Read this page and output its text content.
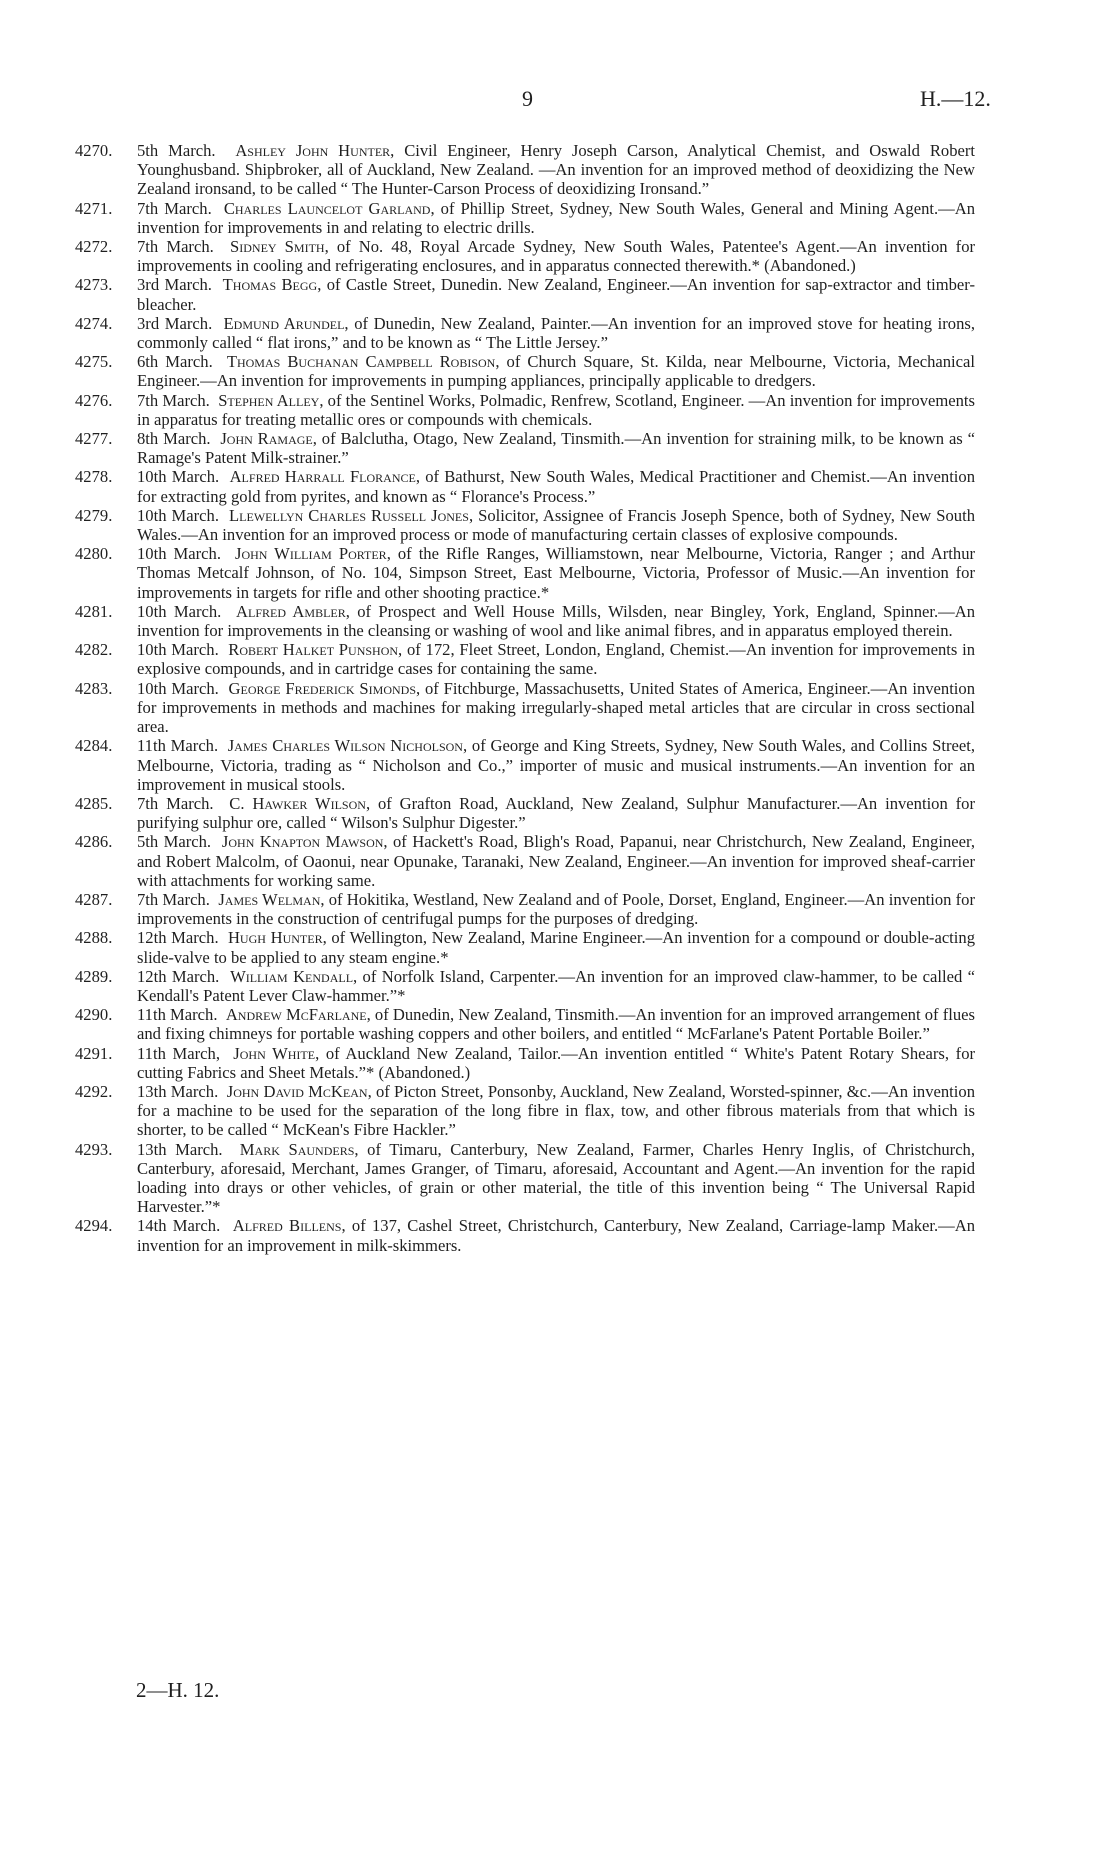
9	H.—12.
4270.	5th March. Ashley John Hunter, Civil Engineer, Henry Joseph Carson, Analytical Chemist, and Oswald Robert Younghusband. Shipbroker, all of Auckland, New Zealand. —An invention for an improved method of deoxidizing the New Zealand ironsand, to be called “ The Hunter-Carson Process of deoxidizing Ironsand.”
4271.	7th March. Charles Launcelot Garland, of Phillip Street, Sydney, New South Wales, General and Mining Agent.—An invention for improvements in and relating to electric drills.
4272.	7th March. Sidney Smith, of No. 48, Royal Arcade Sydney, New South Wales, Patentee's Agent.—An invention for improvements in cooling and refrigerating enclosures, and in apparatus connected therewith.* (Abandoned.)
4273.	3rd March. Thomas Begg, of Castle Street, Dunedin. New Zealand, Engineer.—An invention for sap-extractor and timber-bleacher.
4274.	3rd March. Edmund Arundel, of Dunedin, New Zealand, Painter.—An invention for an improved stove for heating irons, commonly called “ flat irons,” and to be known as “ The Little Jersey.”
4275.	6th March. Thomas Buchanan Campbell Robison, of Church Square, St. Kilda, near Melbourne, Victoria, Mechanical Engineer.—An invention for improvements in pumping appliances, principally applicable to dredgers.
4276.	7th March. Stephen Alley, of the Sentinel Works, Polmadic, Renfrew, Scotland, Engineer. —An invention for improvements in apparatus for treating metallic ores or compounds with chemicals.
4277.	8th March. John Ramage, of Balclutha, Otago, New Zealand, Tinsmith.—An invention for straining milk, to be known as “ Ramage's Patent Milk-strainer.”
4278.	10th March. Alfred Harrall Florance, of Bathurst, New South Wales, Medical Practitioner and Chemist.—An invention for extracting gold from pyrites, and known as “ Florance's Process.”
4279.	10th March. Llewellyn Charles Russell Jones, Solicitor, Assignee of Francis Joseph Spence, both of Sydney, New South Wales.—An invention for an improved process or mode of manufacturing certain classes of explosive compounds.
4280.	10th March. John William Porter, of the Rifle Ranges, Williamstown, near Melbourne, Victoria, Ranger ; and Arthur Thomas Metcalf Johnson, of No. 104, Simpson Street, East Melbourne, Victoria, Professor of Music.—An invention for improvements in targets for rifle and other shooting practice.*
4281.	10th March. Alfred Ambler, of Prospect and Well House Mills, Wilsden, near Bingley, York, England, Spinner.—An invention for improvements in the cleansing or washing of wool and like animal fibres, and in apparatus employed therein.
4282.	10th March. Robert Halket Punshon, of 172, Fleet Street, London, England, Chemist.—An invention for improvements in explosive compounds, and in cartridge cases for containing the same.
4283.	10th March. George Frederick Simonds, of Fitchburge, Massachusetts, United States of America, Engineer.—An invention for improvements in methods and machines for making irregularly-shaped metal articles that are circular in cross sectional area.
4284.	11th March. James Charles Wilson Nicholson, of George and King Streets, Sydney, New South Wales, and Collins Street, Melbourne, Victoria, trading as “ Nicholson and Co.,” importer of music and musical instruments.—An invention for an improvement in musical stools.
4285.	7th March. C. Hawker Wilson, of Grafton Road, Auckland, New Zealand, Sulphur Manufacturer.—An invention for purifying sulphur ore, called “ Wilson's Sulphur Digester.”
4286.	5th March. John Knapton Mawson, of Hackett's Road, Bligh's Road, Papanui, near Christchurch, New Zealand, Engineer, and Robert Malcolm, of Oaonui, near Opunake, Taranaki, New Zealand, Engineer.—An invention for improved sheaf-carrier with attachments for working same.
4287.	7th March. James Welman, of Hokitika, Westland, New Zealand and of Poole, Dorset, England, Engineer.—An invention for improvements in the construction of centrifugal pumps for the purposes of dredging.
4288.	12th March. Hugh Hunter, of Wellington, New Zealand, Marine Engineer.—An invention for a compound or double-acting slide-valve to be applied to any steam engine.*
4289.	12th March. William Kendall, of Norfolk Island, Carpenter.—An invention for an improved claw-hammer, to be called “ Kendall's Patent Lever Claw-hammer.”*
4290.	11th March. Andrew McFarlane, of Dunedin, New Zealand, Tinsmith.—An invention for an improved arrangement of flues and fixing chimneys for portable washing coppers and other boilers, and entitled “ McFarlane's Patent Portable Boiler.”
4291.	11th March, John White, of Auckland New Zealand, Tailor.—An invention entitled “ White's Patent Rotary Shears, for cutting Fabrics and Sheet Metals.”* (Abandoned.)
4292.	13th March. John David McKean, of Picton Street, Ponsonby, Auckland, New Zealand, Worsted-spinner, &c.—An invention for a machine to be used for the separation of the long fibre in flax, tow, and other fibrous materials from that which is shorter, to be called “ McKean's Fibre Hackler.”
4293.	13th March. Mark Saunders, of Timaru, Canterbury, New Zealand, Farmer, Charles Henry Inglis, of Christchurch, Canterbury, aforesaid, Merchant, James Granger, of Timaru, aforesaid, Accountant and Agent.—An invention for the rapid loading into drays or other vehicles, of grain or other material, the title of this invention being “ The Universal Rapid Harvester.”*
4294.	14th March. Alfred Billens, of 137, Cashel Street, Christchurch, Canterbury, New Zealand, Carriage-lamp Maker.—An invention for an improvement in milk-skimmers.
2—H. 12.
